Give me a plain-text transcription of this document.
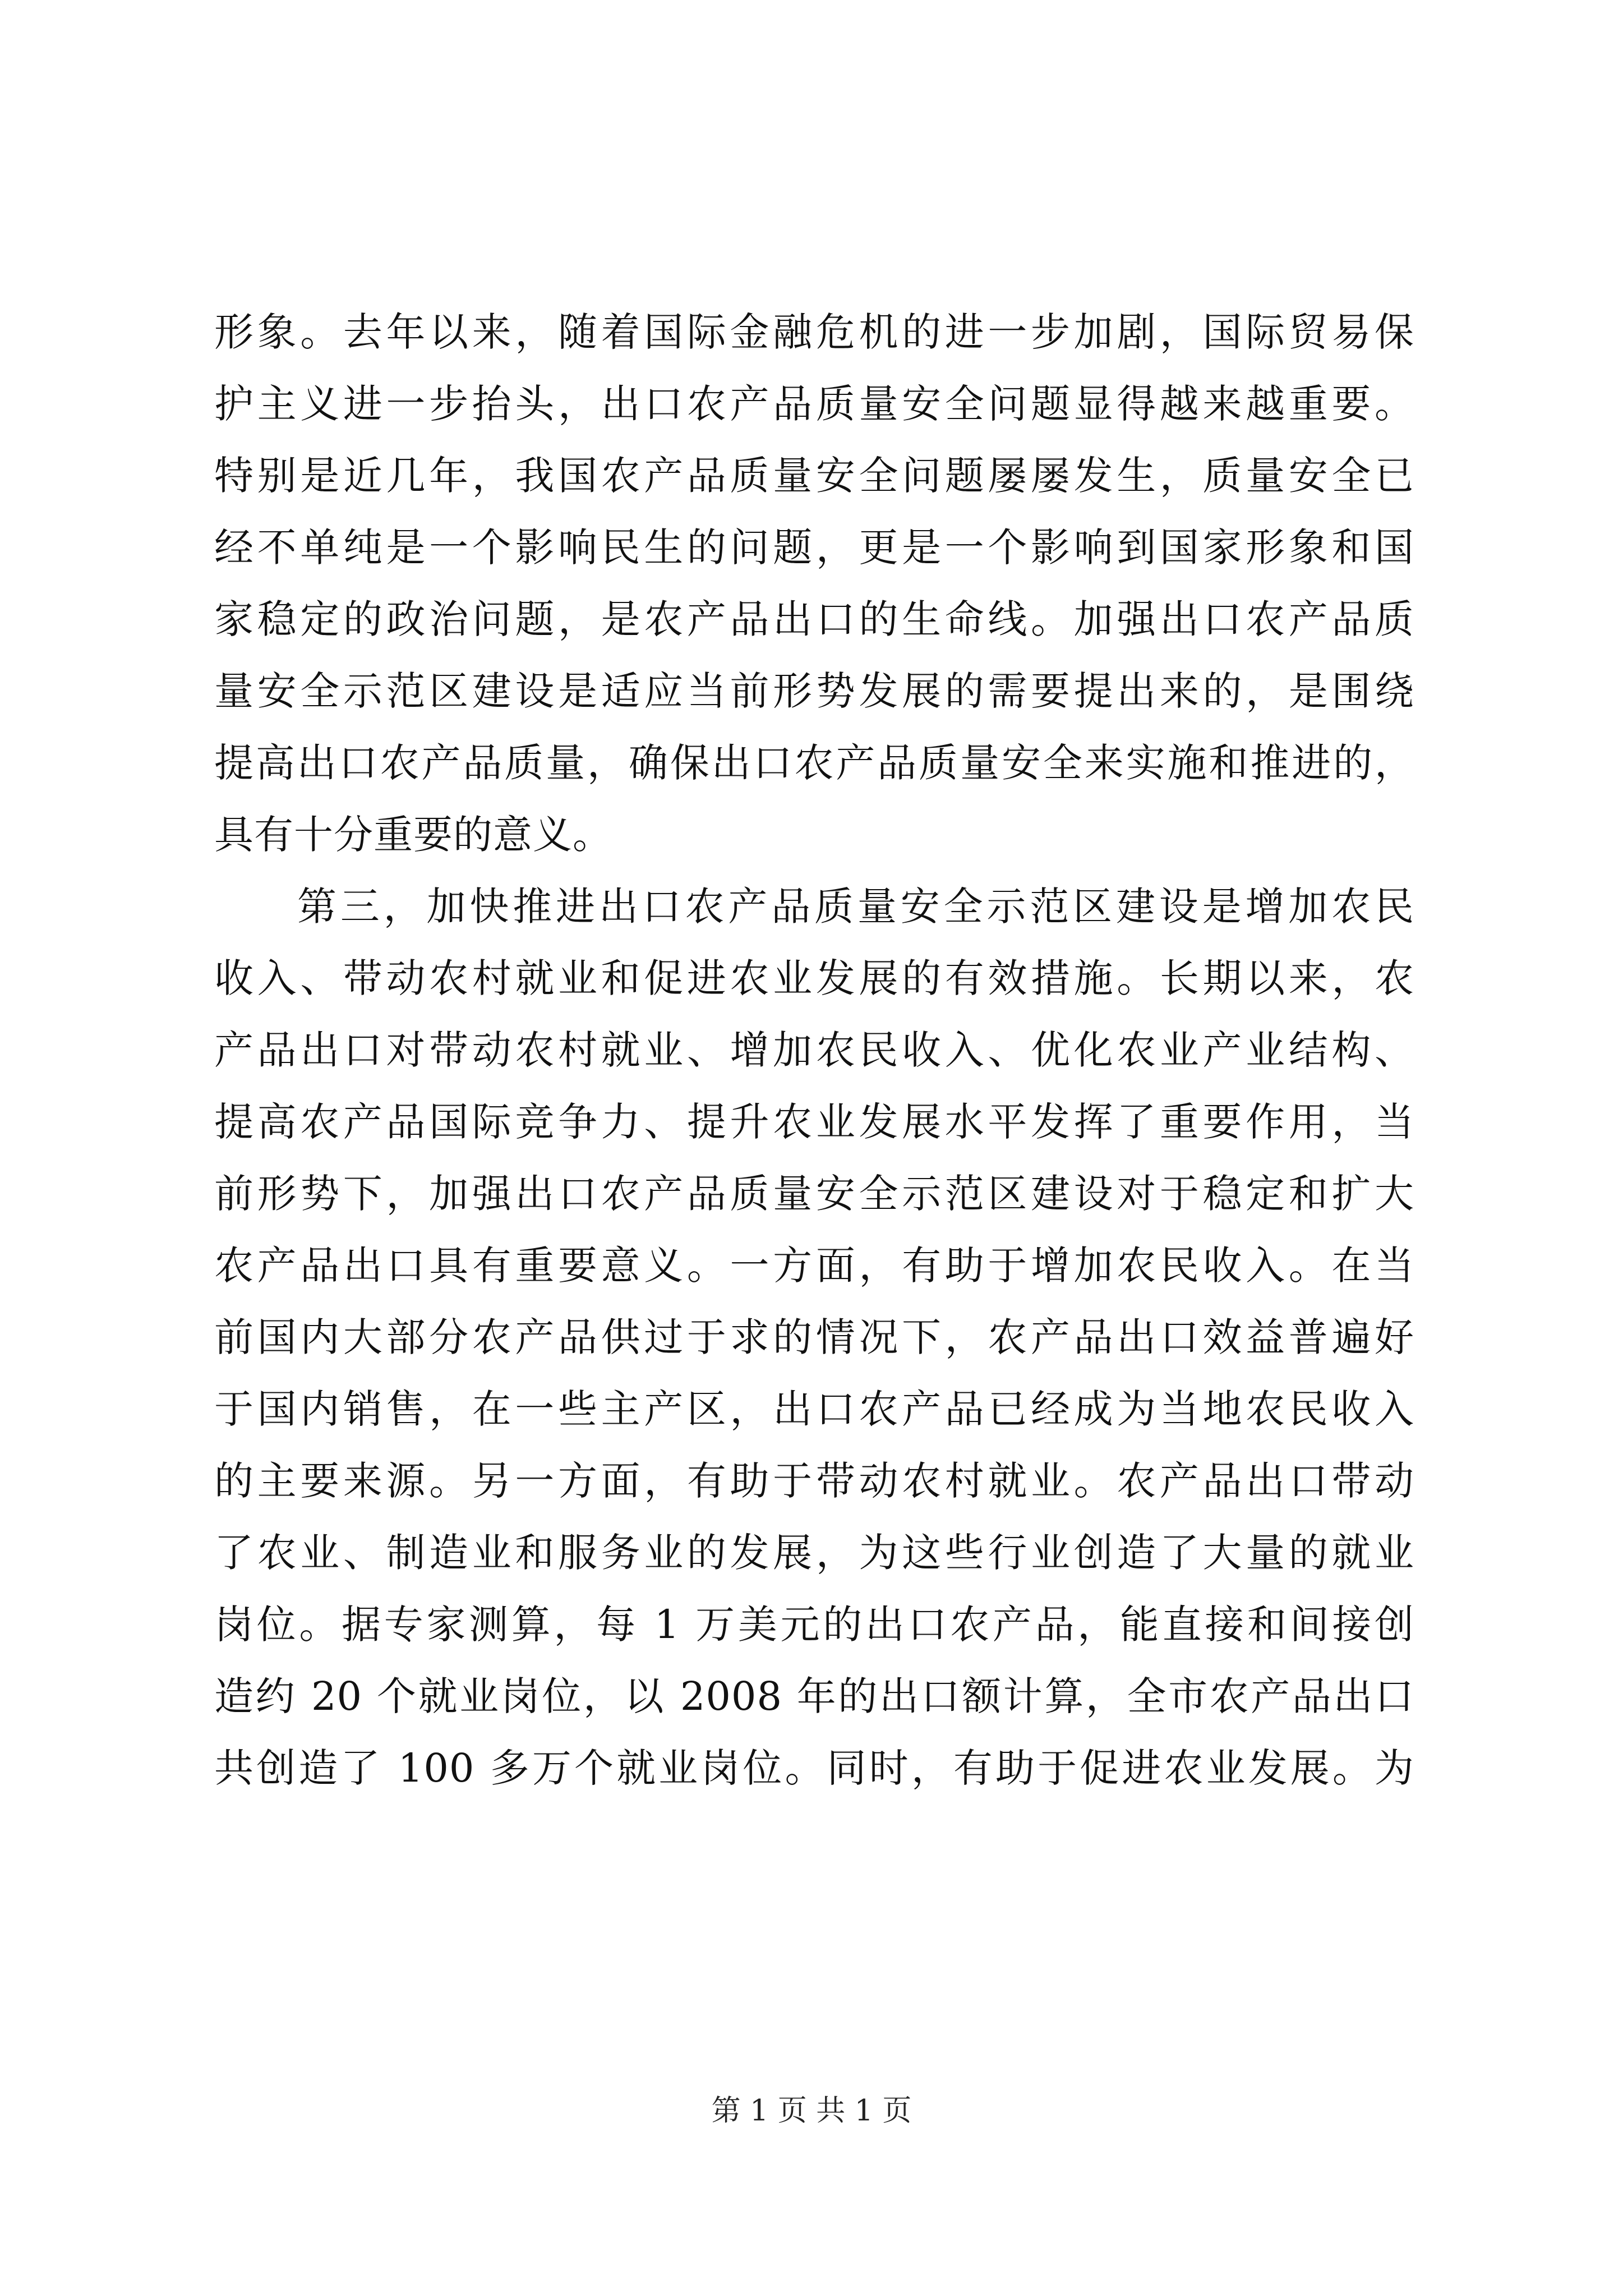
形象。去年以来，随着国际金融危机的进一步加剧，国际贸易保
护主义进一步抬头，出口农产品质量安全问题显得越来越重要。
特别是近几年，我国农产品质量安全问题屡屡发生，质量安全已
经不单纯是一个影响民生的问题，更是一个影响到国家形象和国
家稳定的政治问题，是农产品出口的生命线。加强出口农产品质
量安全示范区建设是适应当前形势发展的需要提出来的，是围绕
提高出口农产品质量，确保出口农产品质量安全来实施和推进的，
具有十分重要的意义。
第三，加快推进出口农产品质量安全示范区建设是增加农民
收入、带动农村就业和促进农业发展的有效措施。长期以来，农
产品出口对带动农村就业、增加农民收入、优化农业产业结构、
提高农产品国际竞争力、提升农业发展水平发挥了重要作用，当
前形势下，加强出口农产品质量安全示范区建设对于稳定和扩大
农产品出口具有重要意义。一方面，有助于增加农民收入。在当
前国内大部分农产品供过于求的情况下，农产品出口效益普遍好
于国内销售，在一些主产区，出口农产品已经成为当地农民收入
的主要来源。另一方面，有助于带动农村就业。农产品出口带动
了农业、制造业和服务业的发展，为这些行业创造了大量的就业
岗位。据专家测算，每 1 万美元的出口农产品，能直接和间接创
造约 20 个就业岗位，以 2008 年的出口额计算，全市农产品出口
共创造了 100 多万个就业岗位。同时，有助于促进农业发展。为
第 1 页 共 1 页
